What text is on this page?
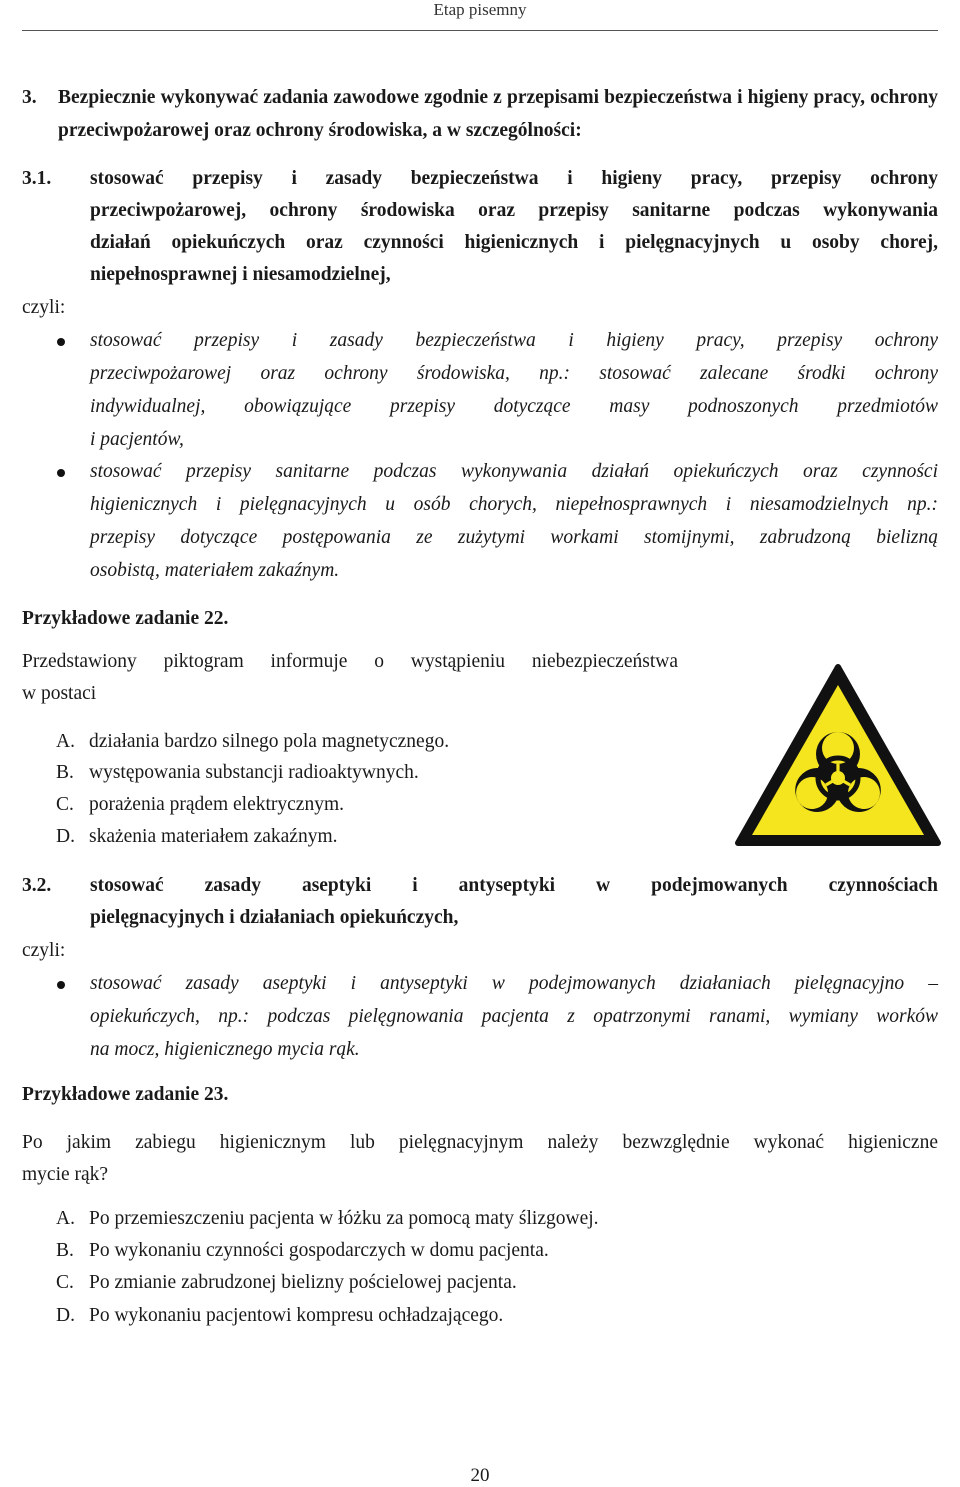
Etap pisemny
3. Bezpiecznie wykonywać zadania zawodowe zgodnie z przepisami bezpieczeństwa i higieny pracy, ochrony przeciwpożarowej oraz ochrony środowiska, a w szczególności:
3.1. stosować przepisy i zasady bezpieczeństwa i higieny pracy, przepisy ochrony
przeciwpożarowej, ochrony środowiska oraz przepisy sanitarne podczas wykonywania
działań opiekuńczych oraz czynności higienicznych i pielęgnacyjnych u osoby chorej,
niepełnosprawnej i niesamodzielnej,
czyli:
stosować przepisy i zasady bezpieczeństwa i higieny pracy, przepisy ochrony
przeciwpożarowej oraz ochrony środowiska, np.: stosować zalecane środki ochrony
indywidualnej, obowiązujące przepisy dotyczące masy podnoszonych przedmiotów
i pacjentów,
stosować przepisy sanitarne podczas wykonywania działań opiekuńczych oraz czynności
higienicznych i pielęgnacyjnych u osób chorych, niepełnosprawnych i niesamodzielnych np.:
przepisy dotyczące postępowania ze zużytymi workami stomijnymi, zabrudzoną bielizną
osobistą, materiałem zakaźnym.
Przykładowe zadanie 22.
Przedstawiony piktogram informuje o wystąpieniu niebezpieczeństwa
w postaci
A. działania bardzo silnego pola magnetycznego.
B. występowania substancji radioaktywnych.
C. porażenia prądem elektrycznym.
D. skażenia materiałem zakaźnym.
3.2. stosować zasady aseptyki i antyseptyki w podejmowanych czynnościach
pielęgnacyjnych i działaniach opiekuńczych,
czyli:
stosować zasady aseptyki i antyseptyki w podejmowanych działaniach pielęgnacyjno –
opiekuńczych, np.: podczas pielęgnowania pacjenta z opatrzonymi ranami, wymiany worków
na mocz, higienicznego mycia rąk.
Przykładowe zadanie 23.
Po jakim zabiegu higienicznym lub pielęgnacyjnym należy bezwzględnie wykonać higieniczne
mycie rąk?
A. Po przemieszczeniu pacjenta w łóżku za pomocą maty ślizgowej.
B. Po wykonaniu czynności gospodarczych w domu pacjenta.
C. Po zmianie zabrudzonej bielizny pościelowej pacjenta.
D. Po wykonaniu pacjentowi kompresu ochładzającego.
20
